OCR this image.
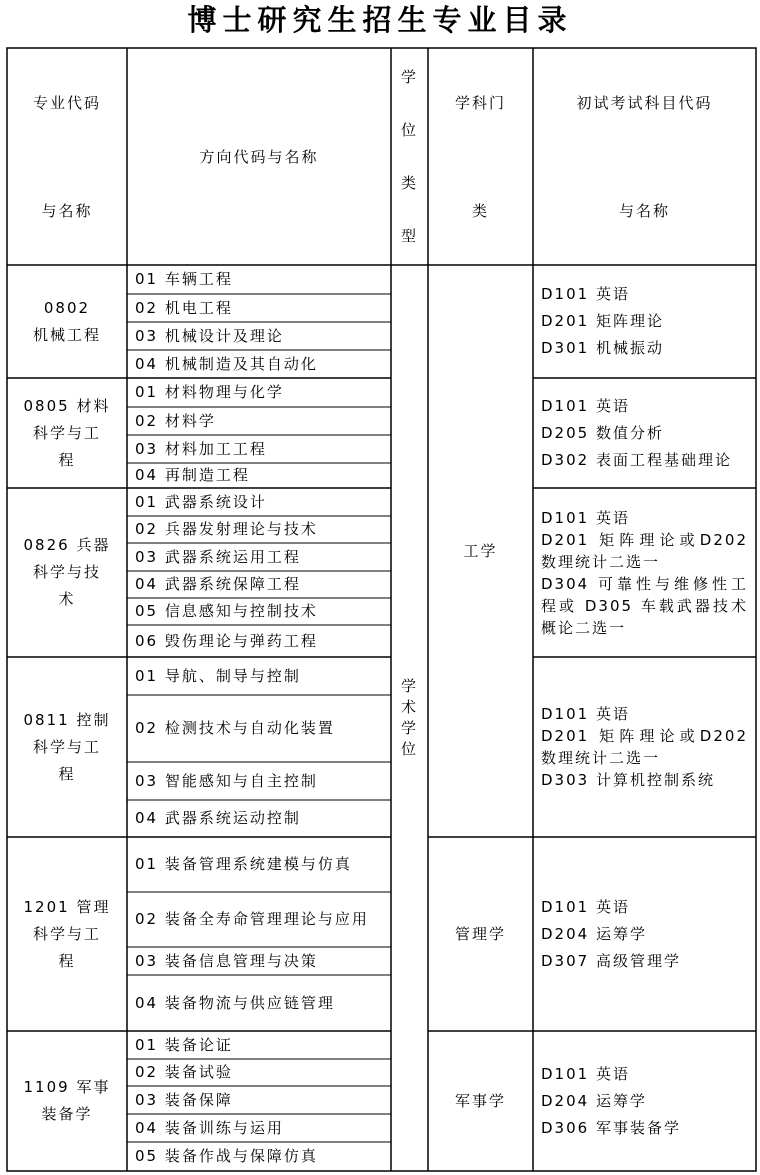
博士研究生招生专业目录
专业代码

与名称
方向代码与名称
学
位
类
型
学科门

类
初试考试科目代码

与名称
学
术
学
位
工学
管理学
军事学
0802
机械工程
01 车辆工程
02 机电工程
03 机械设计及理论
04 机械制造及其自动化
D101 英语
D201 矩阵理论
D301 机械振动
0805 材料
科学与工
程
01 材料物理与化学
02 材料学
03 材料加工工程
04 再制造工程
D101 英语
D205 数值分析
D302 表面工程基础理论
0826 兵器
科学与技
术
01 武器系统设计
02 兵器发射理论与技术
03 武器系统运用工程
04 武器系统保障工程
05 信息感知与控制技术
06 毁伤理论与弹药工程
D101 英语
D201 矩阵理论或D202 数理统计二选一
D304 可靠性与维修性工程或 D305 车载武器技术概论二选一
0811 控制
科学与工
程
01 导航、制导与控制
02 检测技术与自动化装置
03 智能感知与自主控制
04 武器系统运动控制
D101 英语
D201 矩阵理论或D202 数理统计二选一
D303 计算机控制系统
1201 管理
科学与工
程
01 装备管理系统建模与仿真
02 装备全寿命管理理论与应用
03 装备信息管理与决策
04 装备物流与供应链管理
D101 英语
D204 运筹学
D307 高级管理学
1109 军事
装备学
01 装备论证
02 装备试验
03 装备保障
04 装备训练与运用
05 装备作战与保障仿真
D101 英语
D204 运筹学
D306 军事装备学
